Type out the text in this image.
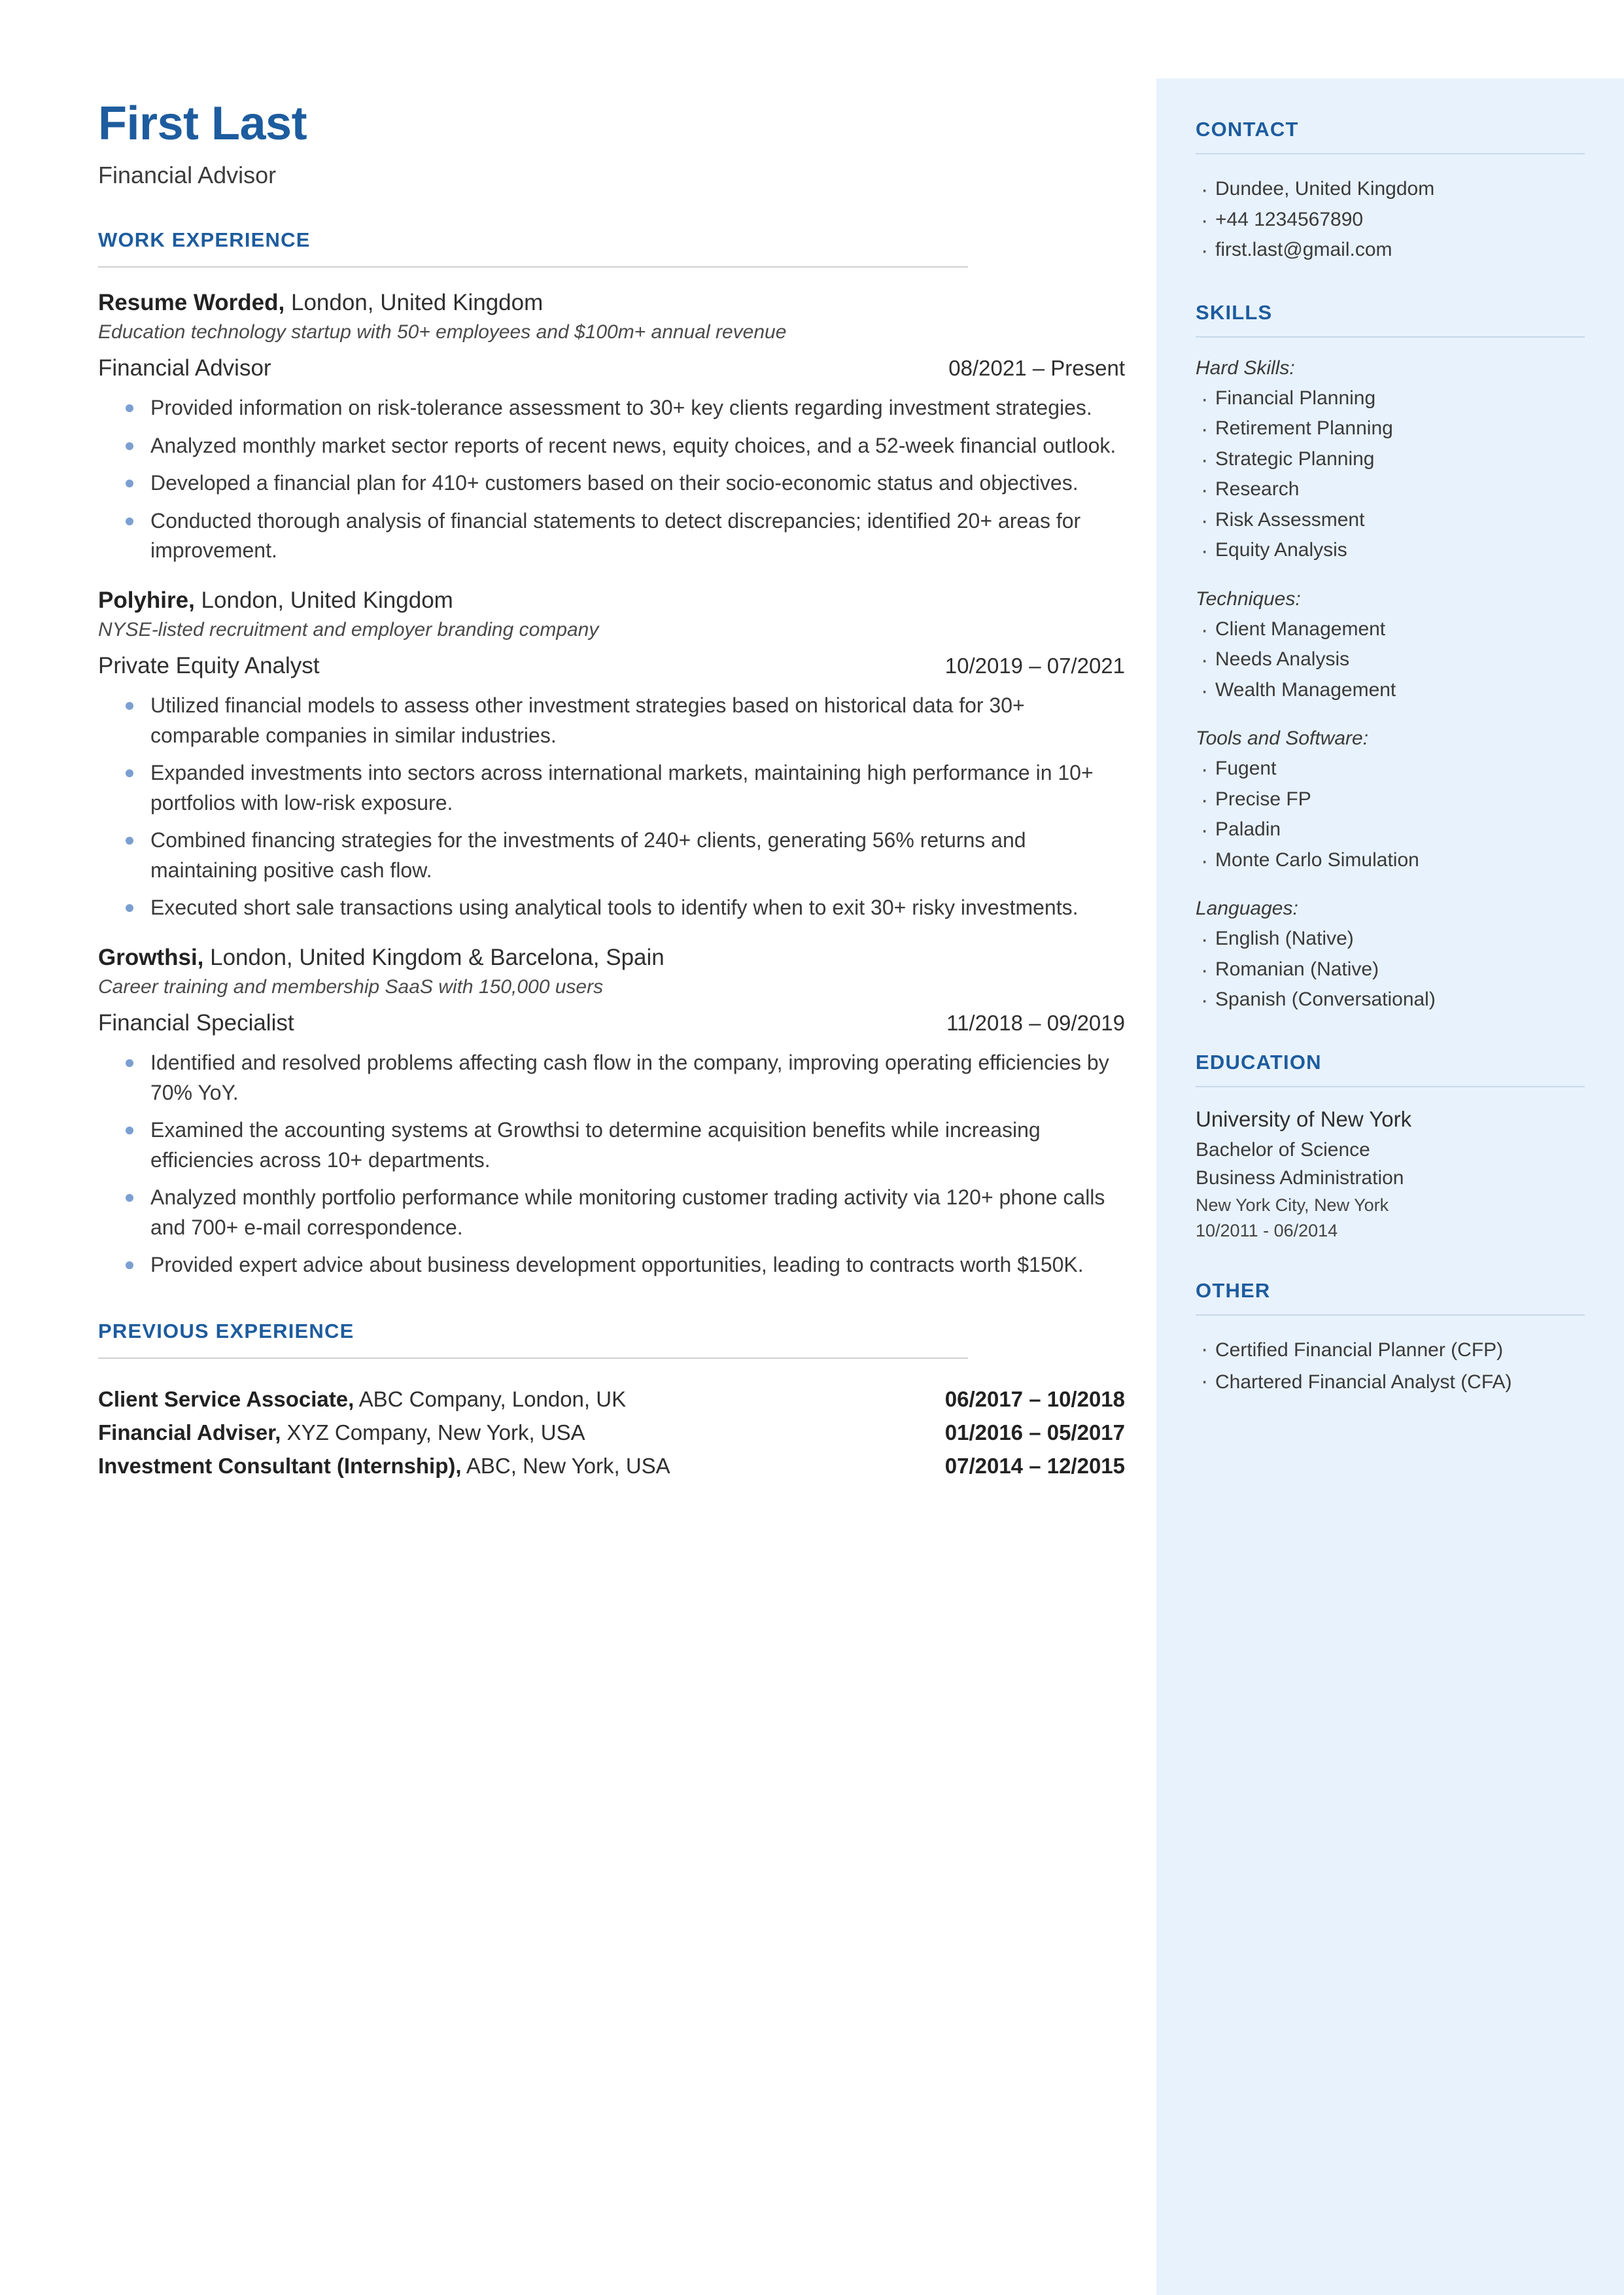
CONTACT
· Dundee, United Kingdom
· +44 1234567890
· first.last@gmail.com
SKILLS
Hard Skills:
· Financial Planning
· Retirement Planning
· Strategic Planning
· Research
· Risk Assessment
· Equity Analysis
Techniques:
· Client Management
· Needs Analysis
· Wealth Management
Tools and Software:
· Fugent
· Precise FP
· Paladin
· Monte Carlo Simulation
Languages:
· English (Native)
· Romanian (Native)
· Spanish (Conversational)
EDUCATION
University of New York
Bachelor of Science
Business Administration
New York City, New York
10/2011 - 06/2014
OTHER
· Certified Financial Planner (CFP)
· Chartered Financial Analyst (CFA)
First Last
Financial Advisor
WORK EXPERIENCE
Resume Worded, London, United Kingdom
Education technology startup with 50+ employees and $100m+ annual revenue
Financial Advisor	08/2021 – Present
Provided information on risk-tolerance assessment to 30+ key clients regarding investment strategies.
Analyzed monthly market sector reports of recent news, equity choices, and a 52-week financial outlook.
Developed a financial plan for 410+ customers based on their socio-economic status and objectives.
Conducted thorough analysis of financial statements to detect discrepancies; identified 20+ areas for improvement.
Polyhire, London, United Kingdom
NYSE-listed recruitment and employer branding company
Private Equity Analyst	10/2019 – 07/2021
Utilized financial models to assess other investment strategies based on historical data for 30+ comparable companies in similar industries.
Expanded investments into sectors across international markets, maintaining high performance in 10+ portfolios with low-risk exposure.
Combined financing strategies for the investments of 240+ clients, generating 56% returns and maintaining positive cash flow.
Executed short sale transactions using analytical tools to identify when to exit 30+ risky investments.
Growthsi, London, United Kingdom & Barcelona, Spain
Career training and membership SaaS with 150,000 users
Financial Specialist	11/2018 – 09/2019
Identified and resolved problems affecting cash flow in the company, improving operating efficiencies by 70% YoY.
Examined the accounting systems at Growthsi to determine acquisition benefits while increasing efficiencies across 10+ departments.
Analyzed monthly portfolio performance while monitoring customer trading activity via 120+ phone calls and 700+ e-mail correspondence.
Provided expert advice about business development opportunities, leading to contracts worth $150K.
PREVIOUS EXPERIENCE
Client Service Associate, ABC Company, London, UK	06/2017 – 10/2018
Financial Adviser, XYZ Company, New York, USA	01/2016 – 05/2017
Investment Consultant (Internship), ABC, New York, USA	07/2014 – 12/2015
